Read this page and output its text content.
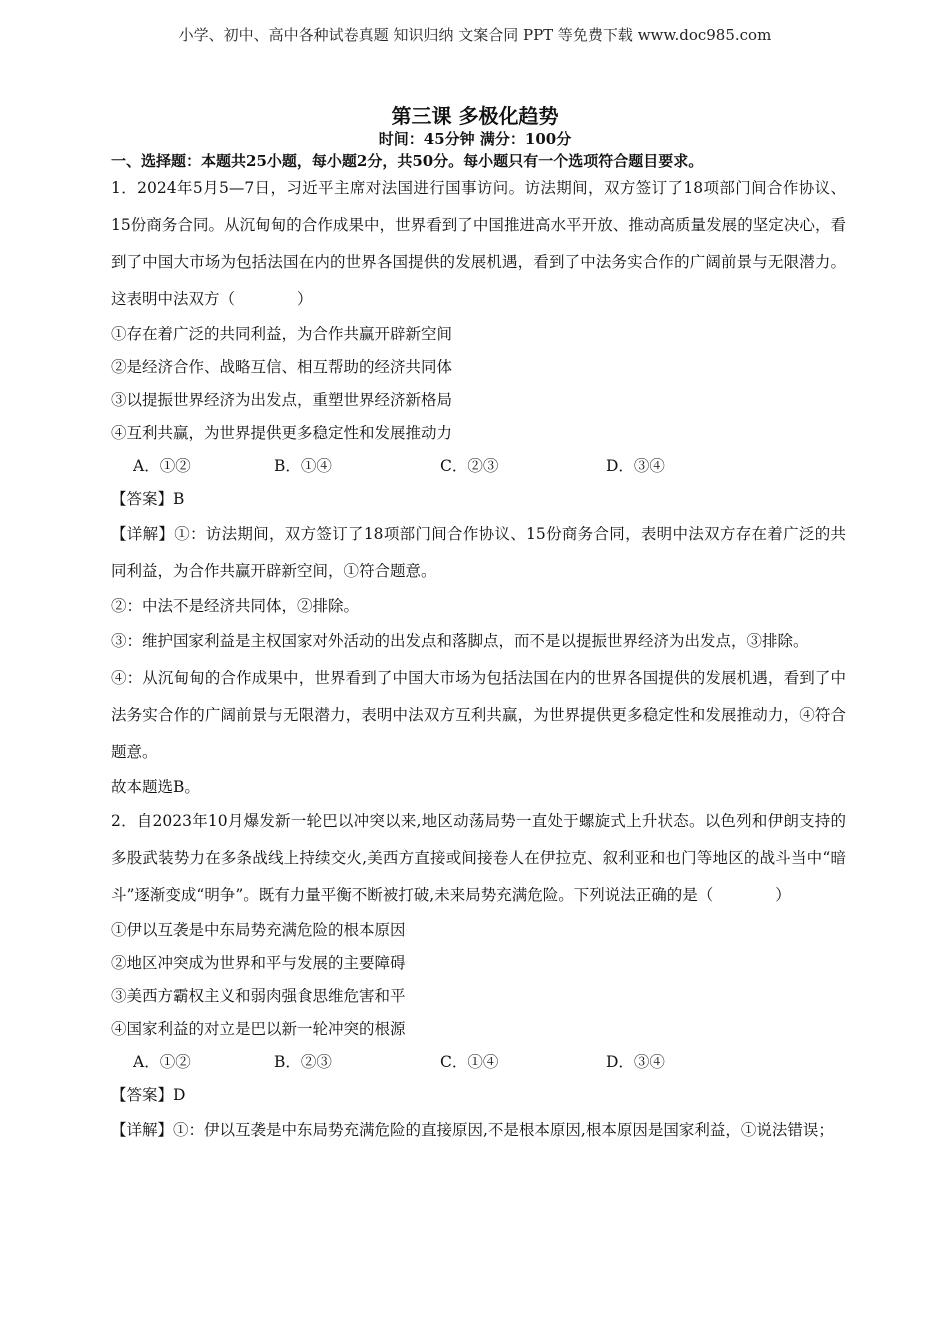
小学、初中、高中各种试卷真题 知识归纳 文案合同 PPT 等免费下载 www.doc985.com
第三课 多极化趋势
时间：45分钟 满分：100分
一、选择题：本题共25小题，每小题2分，共50分。每小题只有一个选项符合题目要求。

1．2024年5月5—7日，习近平主席对法国进行国事访问。访法期间，双方签订了18项部门间合作协议、15份商务合同。从沉甸甸的合作成果中，世界看到了中国推进高水平开放、推动高质量发展的坚定决心，看到了中国大市场为包括法国在内的世界各国提供的发展机遇，看到了中法务实合作的广阔前景与无限潜力。这表明中法双方（　　　　）

①存在着广泛的共同利益，为合作共赢开辟新空间

②是经济合作、战略互信、相互帮助的经济共同体

③以提振世界经济为出发点，重塑世界经济新格局

④互利共赢，为世界提供更多稳定性和发展推动力

A．①②	B．①④	C．②③	D．③④

【答案】B

【详解】①：访法期间，双方签订了18项部门间合作协议、15份商务合同，表明中法双方存在着广泛的共同利益，为合作共赢开辟新空间，①符合题意。

②：中法不是经济共同体，②排除。

③：维护国家利益是主权国家对外活动的出发点和落脚点，而不是以提振世界经济为出发点，③排除。

④：从沉甸甸的合作成果中，世界看到了中国大市场为包括法国在内的世界各国提供的发展机遇，看到了中法务实合作的广阔前景与无限潜力，表明中法双方互利共赢，为世界提供更多稳定性和发展推动力，④符合题意。

故本题选B。

2．自2023年10月爆发新一轮巴以冲突以来,地区动荡局势一直处于螺旋式上升状态。以色列和伊朗支持的多股武装势力在多条战线上持续交火,美西方直接或间接卷人在伊拉克、叙利亚和也门等地区的战斗当中“暗斗”逐渐变成“明争”。既有力量平衡不断被打破,未来局势充满危险。下列说法正确的是（　　　　）

①伊以互袭是中东局势充满危险的根本原因

②地区冲突成为世界和平与发展的主要障碍

③美西方霸权主义和弱肉强食思维危害和平

④国家利益的对立是巴以新一轮冲突的根源

A．①②	B．②③	C．①④	D．③④

【答案】D

【详解】①：伊以互袭是中东局势充满危险的直接原因,不是根本原因,根本原因是国家利益，①说法错误；
